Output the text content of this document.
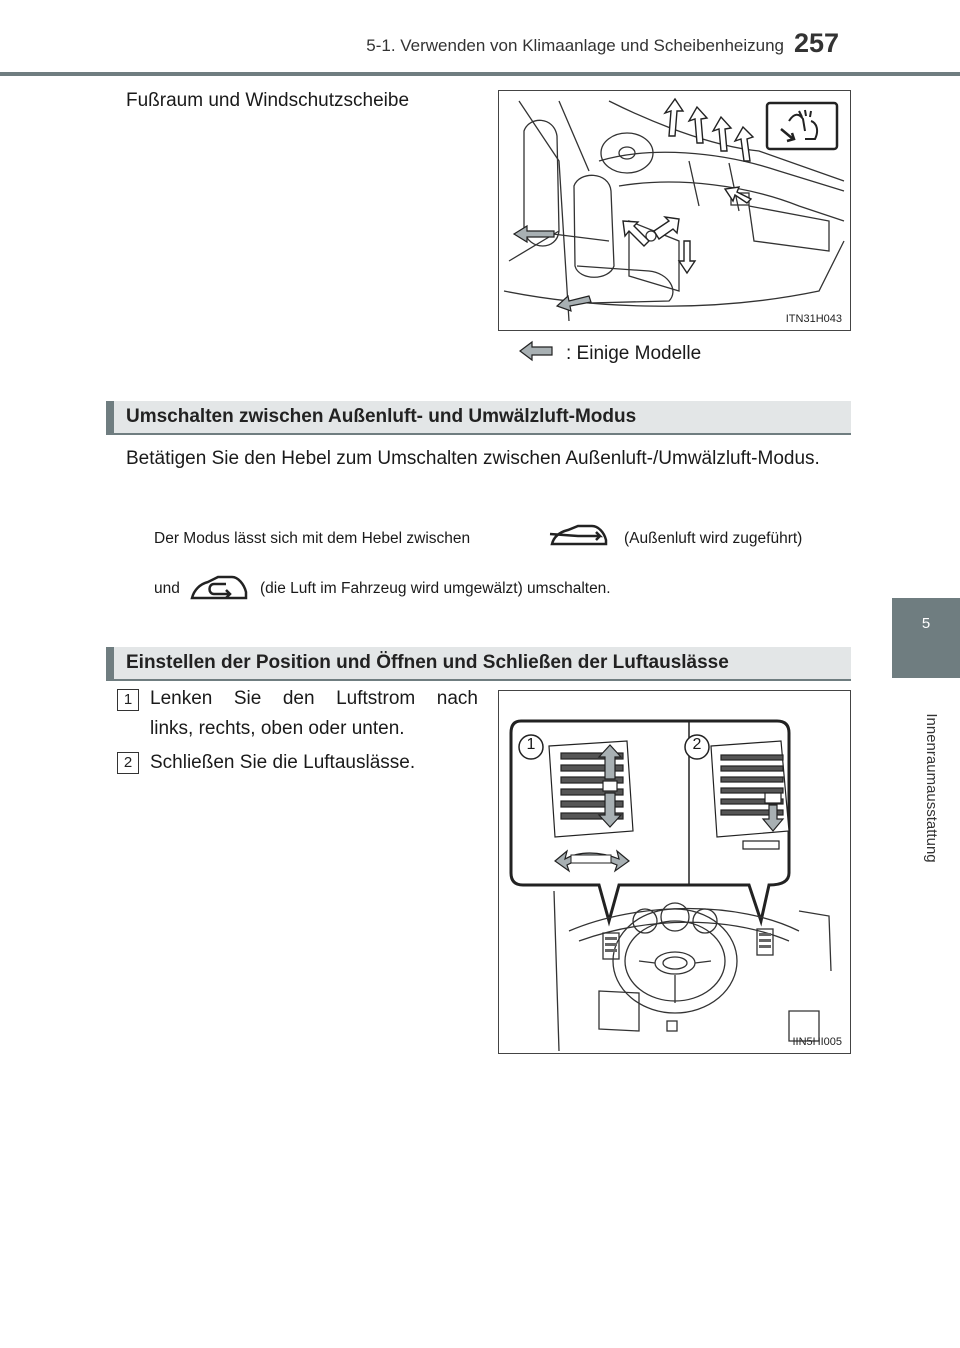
5-1. Verwenden von Klimaanlage und Scheibenheizung 257
5
Innenraumausstattung
Fußraum und Windschutzscheibe
ITN31H043
: Einige Modelle
Umschalten zwischen Außenluft- und Umwälzluft-Modus
Betätigen Sie den Hebel zum Umschalten zwischen Außenluft-/Umwälzluft-Modus.
Der Modus lässt sich mit dem Hebel zwischen	(Außenluft wird zugeführt)
und	(die Luft im Fahrzeug wird umgewälzt) umschalten.
Einstellen der Position und Öffnen und Schließen der Luftauslässe
1 Lenken Sie den Luftstrom nach
links, rechts, oben oder unten.
2 Schließen Sie die Luftauslässe.
1	2
IIN5HI005
